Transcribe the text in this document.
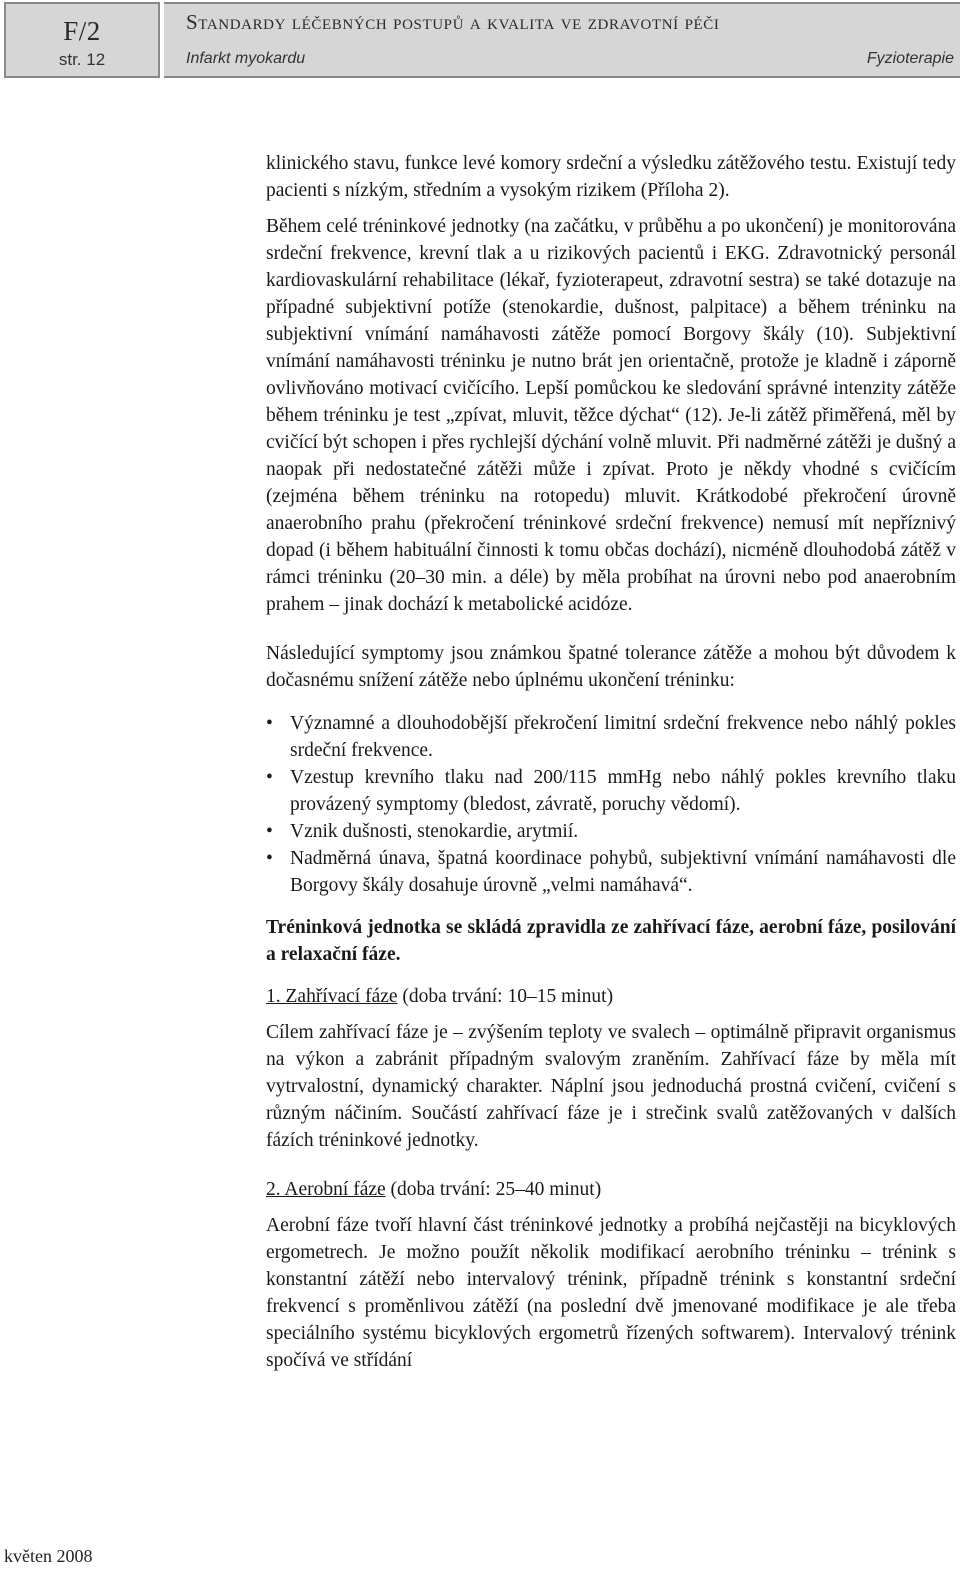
F/2
str. 12
Standardy léčebných postupů a kvalita ve zdravotní péči
Infarkt myokardu	Fyzioterapie

klinického stavu, funkce levé komory srdeční a výsledku zátěžového testu. Existují tedy pacienti s nízkým, středním a vysokým rizikem (Příloha 2).

Během celé tréninkové jednotky (na začátku, v průběhu a po ukončení) je monitorována srdeční frekvence, krevní tlak a u rizikových pacientů i EKG. Zdravotnický personál kardiovaskulární rehabilitace (lékař, fyzioterapeut, zdravotní sestra) se také dotazuje na případné subjektivní potíže (stenokardie, dušnost, palpitace) a během tréninku na subjektivní vnímání namáhavosti zátěže pomocí Borgovy škály (10). Subjektivní vnímání namáhavosti tréninku je nutno brát jen orientačně, protože je kladně i záporně ovlivňováno motivací cvičícího. Lepší pomůckou ke sledování správné intenzity zátěže během tréninku je test „zpívat, mluvit, těžce dýchat“ (12). Je-li zátěž přiměřená, měl by cvičící být schopen i přes rychlejší dýchání volně mluvit. Při nadměrné zátěži je dušný a naopak při nedostatečné zátěži může i zpívat. Proto je někdy vhodné s cvičícím (zejména během tréninku na rotopedu) mluvit. Krátkodobé překročení úrovně anaerobního prahu (překročení tréninkové srdeční frekvence) nemusí mít nepříznivý dopad (i během habituální činnosti k tomu občas dochází), nicméně dlouhodobá zátěž v rámci tréninku (20–30 min. a déle) by měla probíhat na úrovni nebo pod anaerobním prahem – jinak dochází k metabolické acidóze.

Následující symptomy jsou známkou špatné tolerance zátěže a mohou být důvodem k dočasnému snížení zátěže nebo úplnému ukončení tréninku:

• Významné a dlouhodobější překročení limitní srdeční frekvence nebo náhlý pokles srdeční frekvence.
• Vzestup krevního tlaku nad 200/115 mmHg nebo náhlý pokles krevního tlaku provázený symptomy (bledost, závratě, poruchy vědomí).
• Vznik dušnosti, stenokardie, arytmií.
• Nadměrná únava, špatná koordinace pohybů, subjektivní vnímání namáhavosti dle Borgovy škály dosahuje úrovně „velmi namáhavá“.

Tréninková jednotka se skládá zpravidla ze zahřívací fáze, aerobní fáze, posilování a relaxační fáze.

1. Zahřívací fáze (doba trvání: 10–15 minut)

Cílem zahřívací fáze je – zvýšením teploty ve svalech – optimálně připravit organismus na výkon a zabránit případným svalovým zraněním. Zahřívací fáze by měla mít vytrvalostní, dynamický charakter. Náplní jsou jednoduchá prostná cvičení, cvičení s různým náčiním. Součástí zahřívací fáze je i strečink svalů zatěžovaných v dalších fázích tréninkové jednotky.

2. Aerobní fáze (doba trvání: 25–40 minut)

Aerobní fáze tvoří hlavní část tréninkové jednotky a probíhá nejčastěji na bicyklových ergometrech. Je možno použít několik modifikací aerobního tréninku – trénink s konstantní zátěží nebo intervalový trénink, případně trénink s konstantní srdeční frekvencí s proměnlivou zátěží (na poslední dvě jmenované modifikace je ale třeba speciálního systému bicyklových ergometrů řízených softwarem). Intervalový trénink spočívá ve střídání

květen 2008
